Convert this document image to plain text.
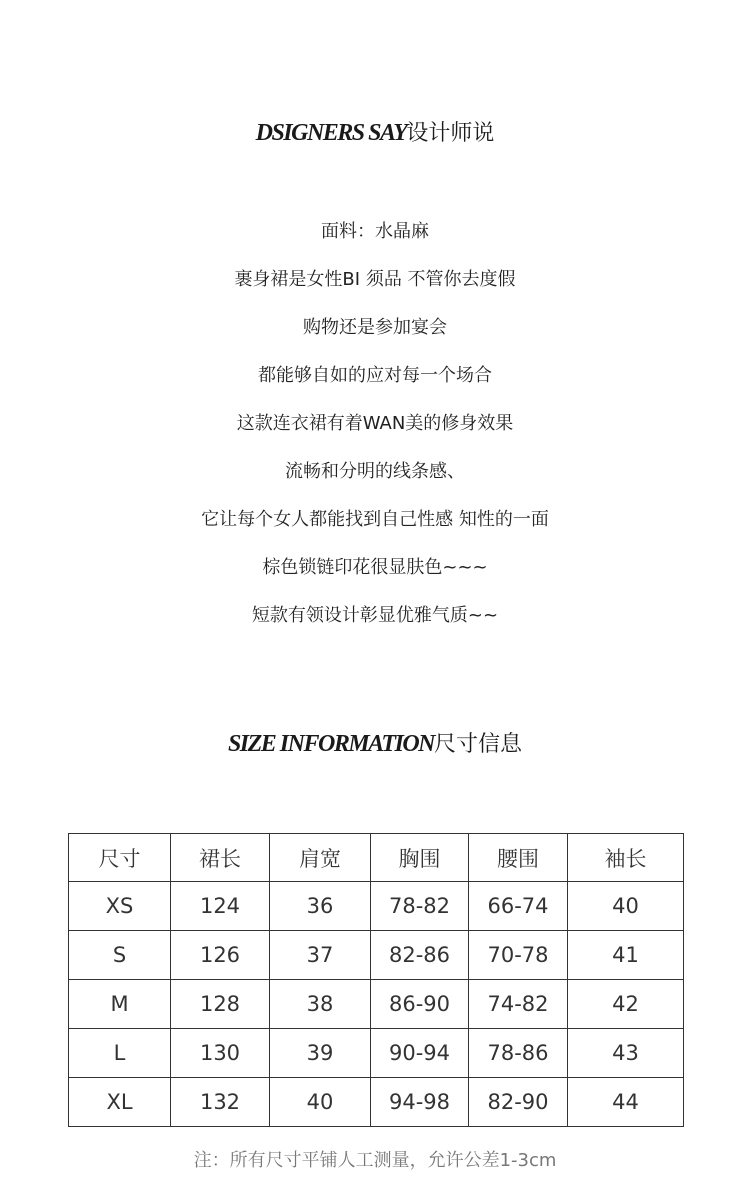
DSIGNERS SAY设计师说
面料：水晶麻
裹身裙是女性BI 须品 不管你去度假
购物还是参加宴会
都能够自如的应对每一个场合
这款连衣裙有着WAN美的修身效果
流畅和分明的线条感、
它让每个女人都能找到自己性感 知性的一面
棕色锁链印花很显肤色~~~
短款有领设计彰显优雅气质~~
SIZE INFORMATION尺寸信息
尺寸	裙长	肩宽	胸围	腰围	袖长
XS	124	36	78-82	66-74	40
S	126	37	82-86	70-78	41
M	128	38	86-90	74-82	42
L	130	39	90-94	78-86	43
XL	132	40	94-98	82-90	44
注：所有尺寸平铺人工测量，允许公差1-3cm
